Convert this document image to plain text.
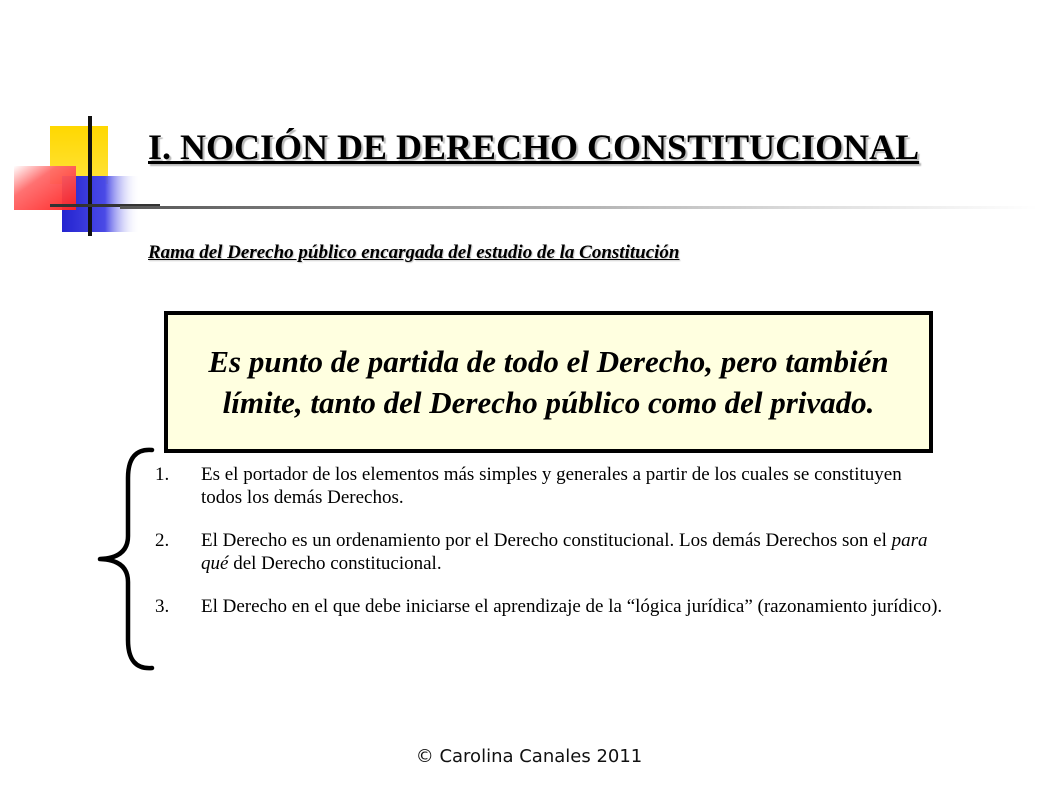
I. NOCIÓN DE DERECHO CONSTITUCIONAL

Rama del Derecho público encargada del estudio de la Constitución

Es punto de partida de todo el Derecho, pero también límite, tanto del Derecho público como del privado.

1. Es el portador de los elementos más simples y generales a partir de los cuales se constituyen todos los demás Derechos.
2. El Derecho es un ordenamiento por el Derecho constitucional. Los demás Derechos son el para qué del Derecho constitucional.
3. El Derecho en el que debe iniciarse el aprendizaje de la “lógica jurídica” (razonamiento jurídico).
© Carolina Canales 2011
